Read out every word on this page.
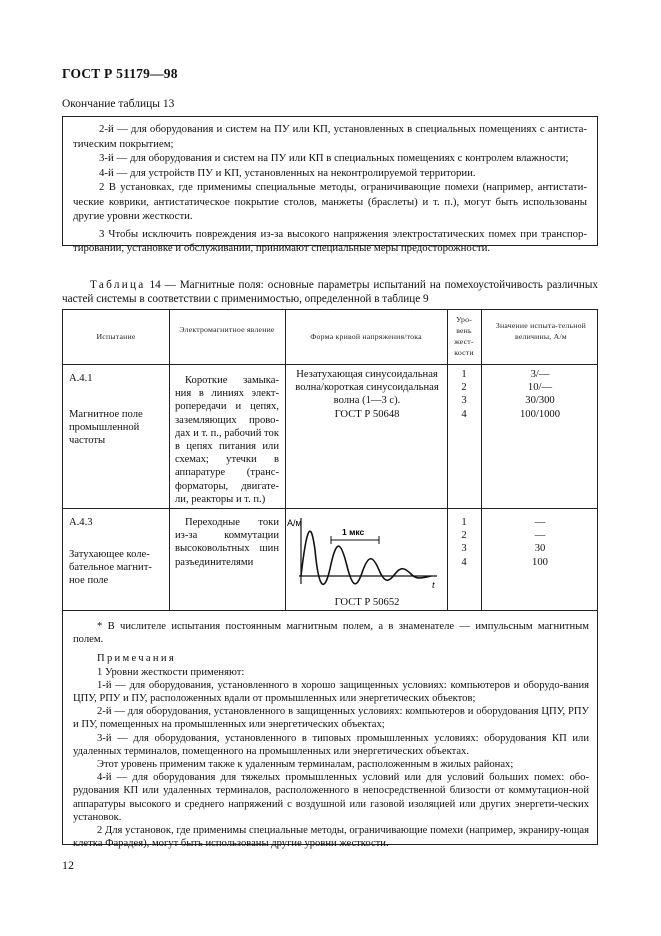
ГОСТ Р 51179—98
Окончание таблицы 13
2-й — для оборудования и систем на ПУ или КП, установленных в специальных помещениях с антиста-тическим покрытием;
3-й — для оборудования и систем на ПУ или КП в специальных помещениях с контролем влажности;
4-й — для устройств ПУ и КП, установленных на неконтролируемой территории.
2 В установках, где применимы специальные методы, ограничивающие помехи (например, антистати-ческие коврики, антистатическое покрытие столов, манжеты (браслеты) и т. п.), могут быть использованы другие уровни жесткости.
3 Чтобы исключить повреждения из-за высокого напряжения электростатических помех при транспор-тировании, установке и обслуживании, принимают специальные меры предосторожности.
Таблица 14 — Магнитные поля: основные параметры испытаний на помехоустойчивость различных частей системы в соответствии с применимостью, определенной в таблице 9
Испытание
Электромагнитное явление
Форма кривой напряжения/тока
Уро-вень жест-кости
Значение испыта-тельной величины, А/м
А.4.1
Магнитное поле промышленной частоты
Короткие замыка-ния в линиях элект-ропередачи и цепях, заземляющих прово-дах и т. п., рабочий ток в цепях питания или схемах; утечки в аппаратуре (транс-форматоры, двигате-ли, реакторы и т. п.)
Незатухающая синусоидальная волна/короткая синусоидальная волна (1—3 с).
ГОСТ Р 50648
1
2
3
4
3/—
10/—
30/300
100/1000
А.4.3
Затухающее коле-бательное магнит-ное поле
Переходные токи из-за коммутации высоковольтных шин разъединителями
А/м
t
1 мкс
ГОСТ Р 50652
1
2
3
4
—
—
30
100
* В числителе испытания постоянным магнитным полем, а в знаменателе — импульсным магнитным полем.
Примечания
1 Уровни жесткости применяют:
1-й — для оборудования, установленного в хорошо защищенных условиях: компьютеров и оборудо-вания ЦПУ, РПУ и ПУ, расположенных вдали от промышленных или энергетических объектов;
2-й — для оборудования, установленного в защищенных условиях: компьютеров и оборудования ЦПУ, РПУ и ПУ, помещенных на промышленных или энергетических объектах;
3-й — для оборудования, установленного в типовых промышленных условиях: оборудования КП или удаленных терминалов, помещенного на промышленных или энергетических объектах.
Этот уровень применим также к удаленным терминалам, расположенным в жилых районах;
4-й — для оборудования для тяжелых промышленных условий или для условий больших помех: обо-рудования КП или удаленных терминалов, расположенного в непосредственной близости от коммутацион-ной аппаратуры высокого и среднего напряжений с воздушной или газовой изоляцией или других энергети-ческих установок.
2 Для установок, где применимы специальные методы, ограничивающие помехи (например, экраниру-ющая клетка Фарадея), могут быть использованы другие уровни жесткости.
12
